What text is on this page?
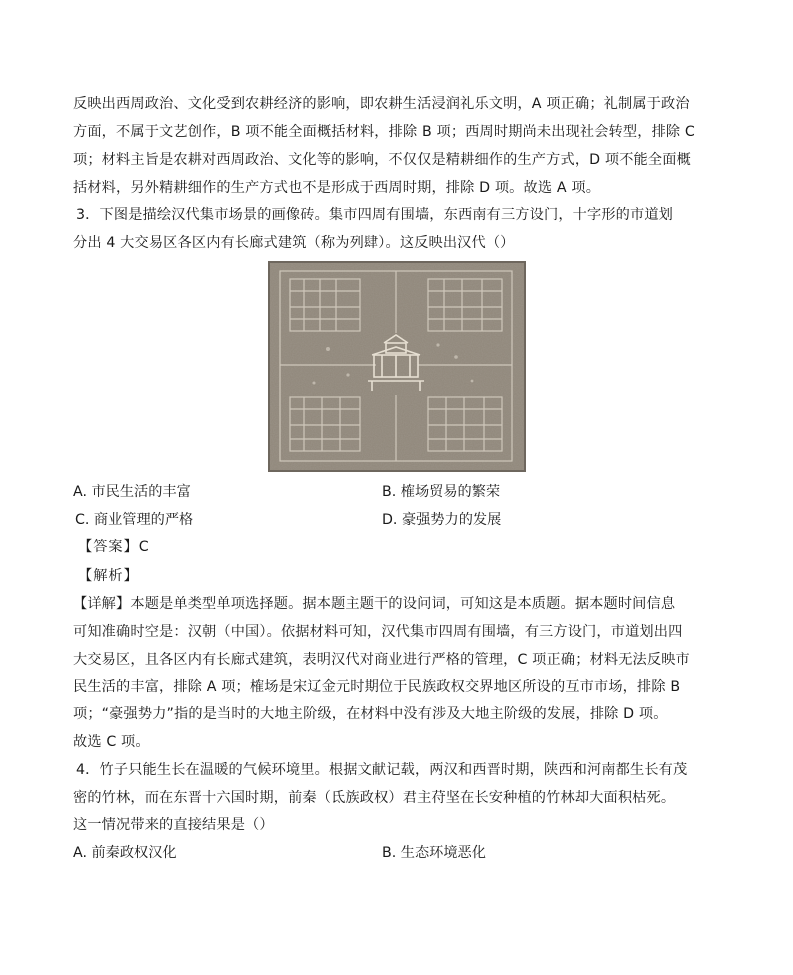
反映出西周政治、文化受到农耕经济的影响，即农耕生活浸润礼乐文明，A 项正确；礼制属于政治
方面，不属于文艺创作，B 项不能全面概括材料，排除 B 项；西周时期尚未出现社会转型，排除 C
项；材料主旨是农耕对西周政治、文化等的影响，不仅仅是精耕细作的生产方式，D 项不能全面概
括材料，另外精耕细作的生产方式也不是形成于西周时期，排除 D 项。故选 A 项。
3．下图是描绘汉代集市场景的画像砖。集市四周有围墙，东西南有三方设门，十字形的市道划
分出 4 大交易区各区内有长廊式建筑（称为列肆）。这反映出汉代（）
A. 市民生活的丰富	B. 榷场贸易的繁荣
C. 商业管理的严格	D. 豪强势力的发展
【答案】C
【解析】
【详解】本题是单类型单项选择题。据本题主题干的设问词，可知这是本质题。据本题时间信息
可知准确时空是：汉朝（中国）。依据材料可知，汉代集市四周有围墙，有三方设门，市道划出四
大交易区，且各区内有长廊式建筑，表明汉代对商业进行严格的管理，C 项正确；材料无法反映市
民生活的丰富，排除 A 项；榷场是宋辽金元时期位于民族政权交界地区所设的互市市场，排除 B
项；“豪强势力”指的是当时的大地主阶级，在材料中没有涉及大地主阶级的发展，排除 D 项。
故选 C 项。
4．竹子只能生长在温暖的气候环境里。根据文献记载，两汉和西晋时期，陕西和河南都生长有茂
密的竹林，而在东晋十六国时期，前秦（氐族政权）君主苻坚在长安种植的竹林却大面积枯死。
这一情况带来的直接结果是（）
A. 前秦政权汉化	B. 生态环境恶化
